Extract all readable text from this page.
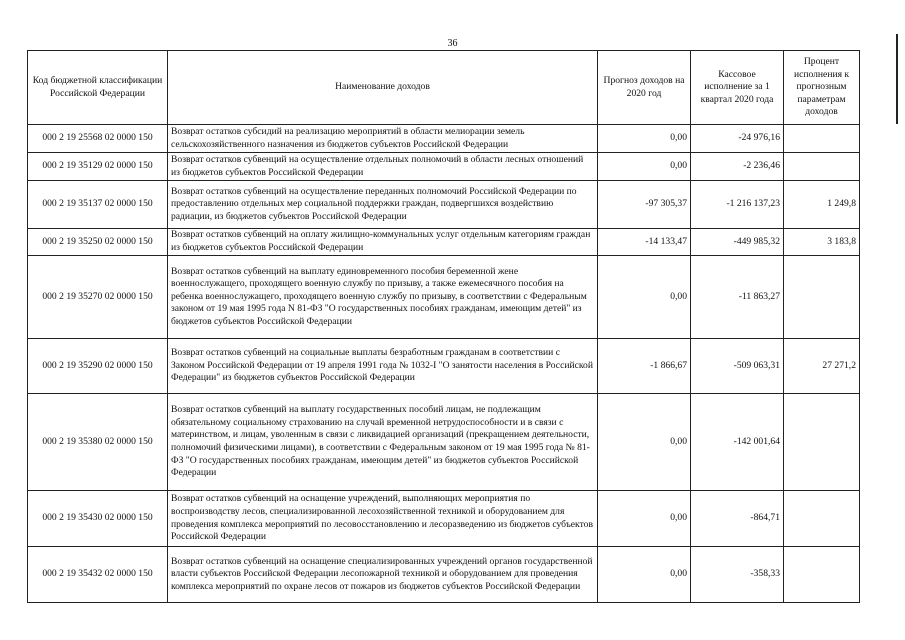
36
Код бюджетной классификации Российской Федерации	Наименование доходов	Прогноз доходов на 2020 год	Кассовое исполнение за 1 квартал 2020 года	Процент исполнения к прогнозным параметрам доходов
000 2 19 25568 02 0000 150	Возврат остатков субсидий на реализацию мероприятий в области мелиорации земель сельскохозяйственного назначения из бюджетов субъектов Российской Федерации	0,00	-24 976,16	
000 2 19 35129 02 0000 150	Возврат остатков субвенций на осуществление отдельных полномочий в области лесных отношений из бюджетов субъектов Российской Федерации	0,00	-2 236,46	
000 2 19 35137 02 0000 150	Возврат остатков субвенций на осуществление переданных полномочий Российской Федерации по предоставлению отдельных мер социальной поддержки граждан, подвергшихся воздействию радиации, из бюджетов субъектов Российской Федерации	-97 305,37	-1 216 137,23	1 249,8
000 2 19 35250 02 0000 150	Возврат остатков субвенций на оплату жилищно-коммунальных услуг отдельным категориям граждан из бюджетов субъектов Российской Федерации	-14 133,47	-449 985,32	3 183,8
000 2 19 35270 02 0000 150	Возврат остатков субвенций на выплату единовременного пособия беременной жене военнослужащего, проходящего военную службу по призыву, а также ежемесячного пособия на ребенка военнослужащего, проходящего военную службу по призыву, в соответствии с Федеральным законом от 19 мая 1995 года N 81-ФЗ "О государственных пособиях гражданам, имеющим детей" из бюджетов субъектов Российской Федерации	0,00	-11 863,27	
000 2 19 35290 02 0000 150	Возврат остатков субвенций на социальные выплаты безработным гражданам в соответствии с Законом Российской Федерации от 19 апреля 1991 года № 1032-I "О занятости населения в Российской Федерации" из бюджетов субъектов Российской Федерации	-1 866,67	-509 063,31	27 271,2
000 2 19 35380 02 0000 150	Возврат остатков субвенций на выплату государственных пособий лицам, не подлежащим обязательному социальному страхованию на случай временной нетрудоспособности и в связи с материнством, и лицам, уволенным в связи с ликвидацией организаций (прекращением деятельности, полномочий физическими лицами), в соответствии с Федеральным законом от 19 мая 1995 года № 81-ФЗ "О государственных пособиях гражданам, имеющим детей" из бюджетов субъектов Российской Федерации	0,00	-142 001,64	
000 2 19 35430 02 0000 150	Возврат остатков субвенций на оснащение учреждений, выполняющих мероприятия по воспроизводству лесов, специализированной лесохозяйственной техникой и оборудованием для проведения комплекса мероприятий по лесовосстановлению и лесоразведению из бюджетов субъектов Российской Федерации	0,00	-864,71	
000 2 19 35432 02 0000 150	Возврат остатков субвенций на оснащение специализированных учреждений органов государственной власти субъектов Российской Федерации лесопожарной техникой и оборудованием для проведения комплекса мероприятий по охране лесов от пожаров из бюджетов субъектов Российской Федерации	0,00	-358,33	
